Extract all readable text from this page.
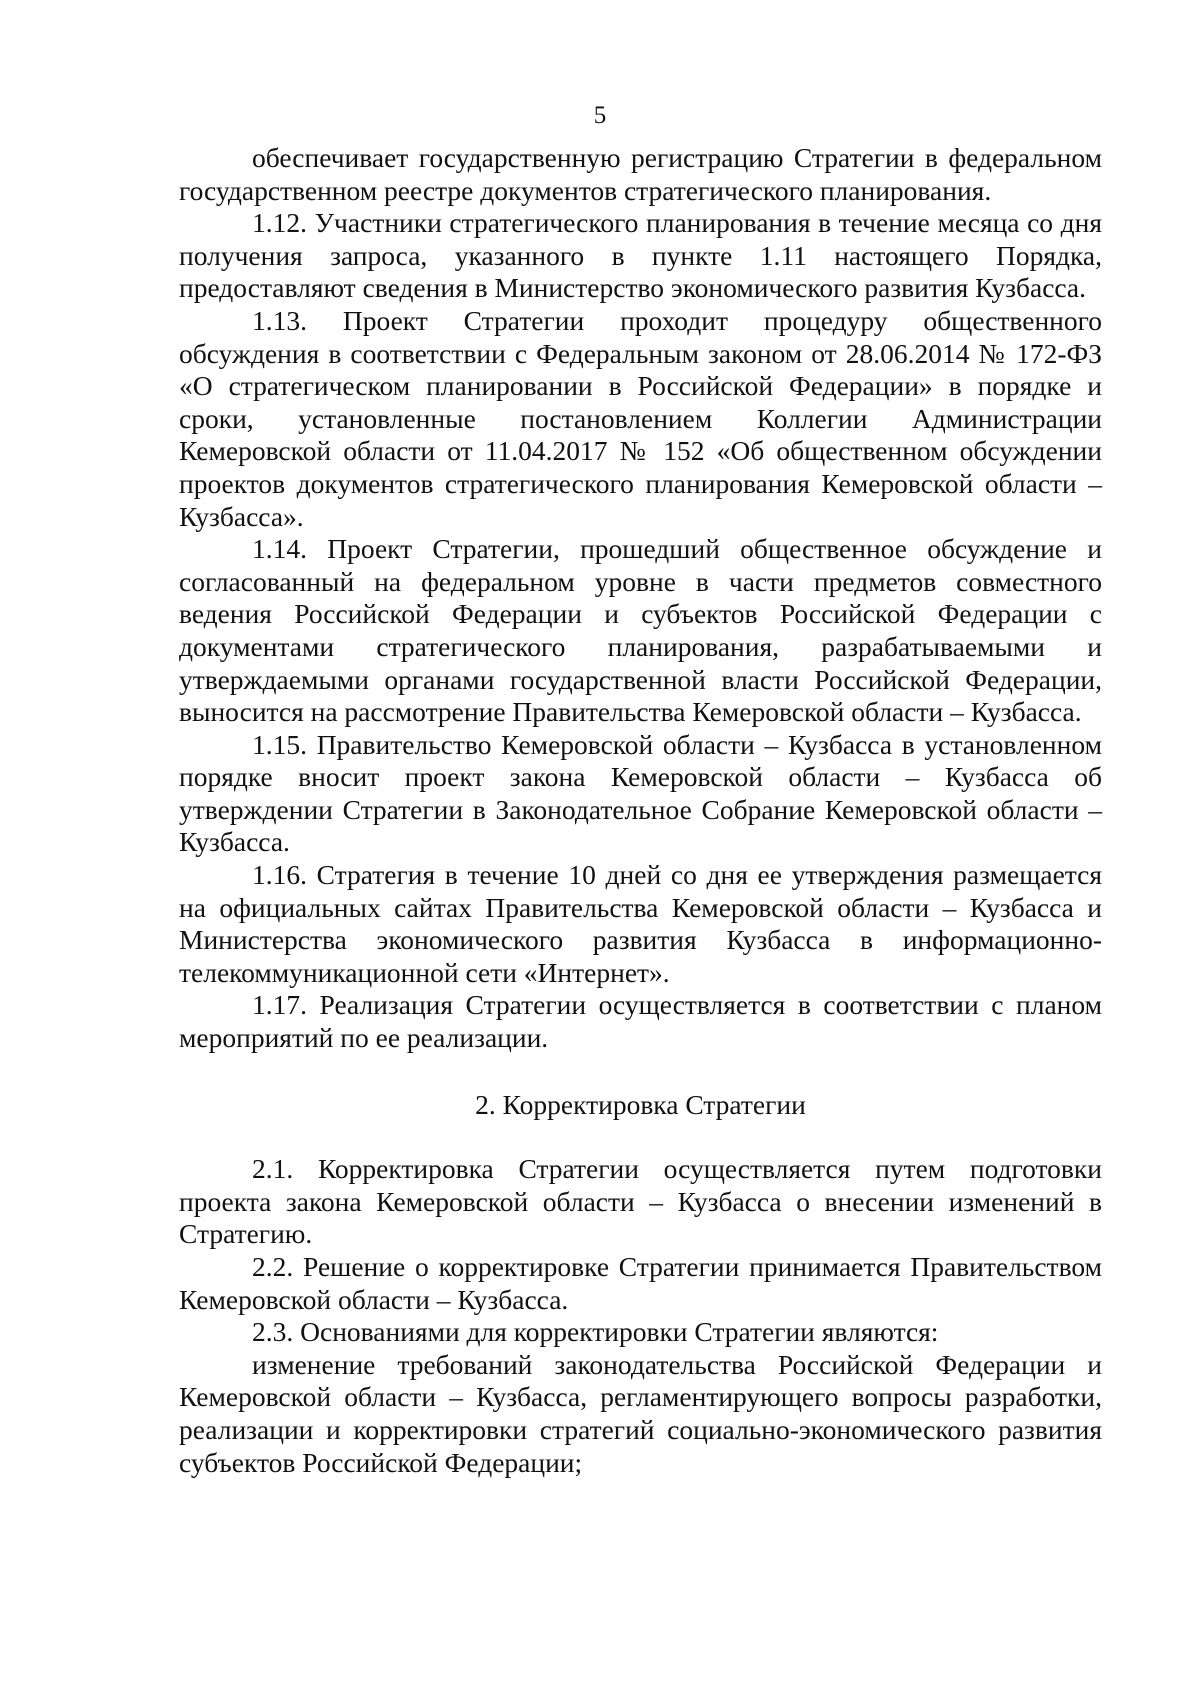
5

обеспечивает государственную регистрацию Стратегии в федеральном государственном реестре документов стратегического планирования.

1.12. Участники стратегического планирования в течение месяца со дня получения запроса, указанного в пункте 1.11 настоящего Порядка, предоставляют сведения в Министерство экономического развития Кузбасса.

1.13. Проект Стратегии проходит процедуру общественного обсуждения в соответствии с Федеральным законом от 28.06.2014 № 172-ФЗ «О стратегическом планировании в Российской Федерации» в порядке и сроки, установленные постановлением Коллегии Администрации Кемеровской области от 11.04.2017 № 152 «Об общественном обсуждении проектов документов стратегического планирования Кемеровской области – Кузбасса».

1.14. Проект Стратегии, прошедший общественное обсуждение и согласованный на федеральном уровне в части предметов совместного ведения Российской Федерации и субъектов Российской Федерации с документами стратегического планирования, разрабатываемыми и утверждаемыми органами государственной власти Российской Федерации, выносится на рассмотрение Правительства Кемеровской области – Кузбасса.

1.15. Правительство Кемеровской области – Кузбасса в установленном порядке вносит проект закона Кемеровской области – Кузбасса об утверждении Стратегии в Законодательное Собрание Кемеровской области – Кузбасса.

1.16. Стратегия в течение 10 дней со дня ее утверждения размещается на официальных сайтах Правительства Кемеровской области – Кузбасса и Министерства экономического развития Кузбасса в информационно-телекоммуникационной сети «Интернет».

1.17. Реализация Стратегии осуществляется в соответствии с планом мероприятий по ее реализации.

2. Корректировка Стратегии

2.1. Корректировка Стратегии осуществляется путем подготовки проекта закона Кемеровской области – Кузбасса о внесении изменений в Стратегию.

2.2. Решение о корректировке Стратегии принимается Правительством Кемеровской области – Кузбасса.

2.3. Основаниями для корректировки Стратегии являются:

изменение требований законодательства Российской Федерации и Кемеровской области – Кузбасса, регламентирующего вопросы разработки, реализации и корректировки стратегий социально-экономического развития субъектов Российской Федерации;
